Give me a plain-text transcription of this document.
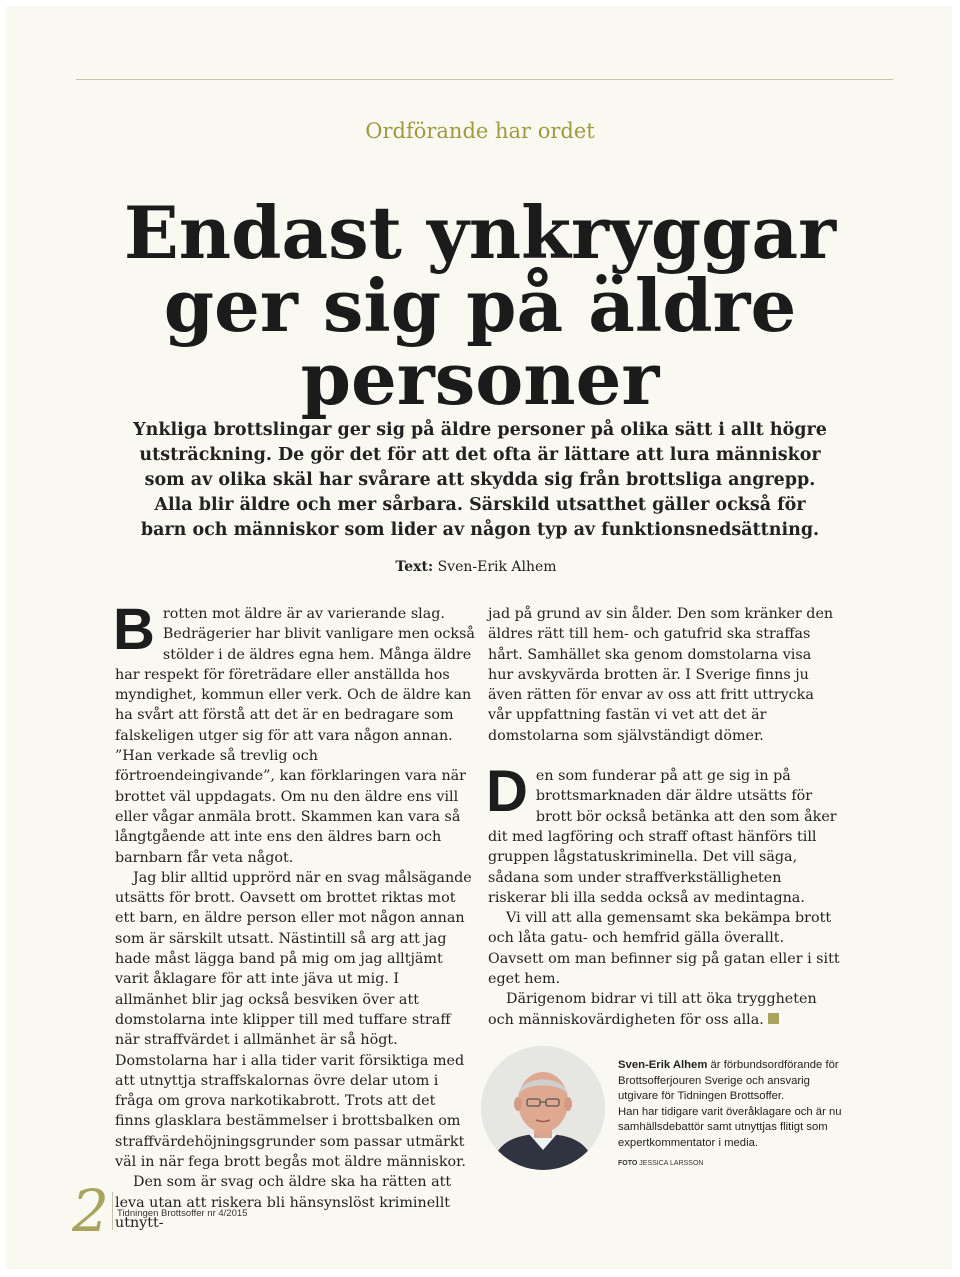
Ordförande har ordet
Endast ynkryggar
ger sig på äldre
personer

Ynkliga brottslingar ger sig på äldre personer på olika sätt i allt högre utsträckning. De gör det för att det ofta är lättare att lura människor som av olika skäl har svårare att skydda sig från brottsliga angrepp. Alla blir äldre och mer sårbara. Särskild utsatthet gäller också för barn och människor som lider av någon typ av funktionsnedsättning.

Text: Sven-Erik Alhem

Brotten mot äldre är av varierande slag. Bedrägerier har blivit vanligare men också stölder i de äldres egna hem. Många äldre har respekt för företrädare eller anställda hos myndighet, kommun eller verk. Och de äldre kan ha svårt att förstå att det är en bedragare som falskeligen utger sig för att vara någon annan. ”Han verkade så trevlig och förtroendeingivande”, kan förklaringen vara när brottet väl uppdagats. Om nu den äldre ens vill eller vågar anmäla brott. Skammen kan vara så långtgående att inte ens den äldres barn och barnbarn får veta något.

Jag blir alltid upprörd när en svag målsägande utsätts för brott. Oavsett om brottet riktas mot ett barn, en äldre person eller mot någon annan som är särskilt utsatt. Nästintill så arg att jag hade måst lägga band på mig om jag alltjämt varit åklagare för att inte jäva ut mig. I allmänhet blir jag också besviken över att domstolarna inte klipper till med tuffare straff när straffvärdet i allmänhet är så högt. Domstolarna har i alla tider varit försiktiga med att utnyttja straffskalornas övre delar utom i fråga om grova narkotikabrott. Trots att det finns glasklara bestämmelser i brottsbalken om straffvärdehöjningsgrunder som passar utmärkt väl in när fega brott begås mot äldre människor.

Den som är svag och äldre ska ha rätten att leva utan att riskera bli hänsynslöst kriminellt utnytt-

jad på grund av sin ålder. Den som kränker den äldres rätt till hem- och gatufrid ska straffas hårt. Samhället ska genom domstolarna visa hur avskyvärda brotten är. I Sverige finns ju även rätten för envar av oss att fritt uttrycka vår uppfattning fastän vi vet att det är domstolarna som självständigt dömer.

Den som funderar på att ge sig in på brottsmarknaden där äldre utsätts för brott bör också betänka att den som åker dit med lagföring och straff oftast hänförs till gruppen lågstatuskriminella. Det vill säga, sådana som under straffverkställigheten riskerar bli illa sedda också av medintagna.

Vi vill att alla gemensamt ska bekämpa brott och låta gatu- och hemfrid gälla överallt. Oavsett om man befinner sig på gatan eller i sitt eget hem.

Därigenom bidrar vi till att öka tryggheten och människovärdigheten för oss alla.

Sven-Erik Alhem är förbundsordförande för Brottsofferjouren Sverige och ansvarig utgivare för Tidningen Brottsoffer.

Han har tidigare varit överåklagare och är nu samhällsdebattör samt utnyttjas flitigt som expertkommentator i media.

FOTO JESSICA LARSSON
2 Tidningen Brottsoffer nr 4/2015
